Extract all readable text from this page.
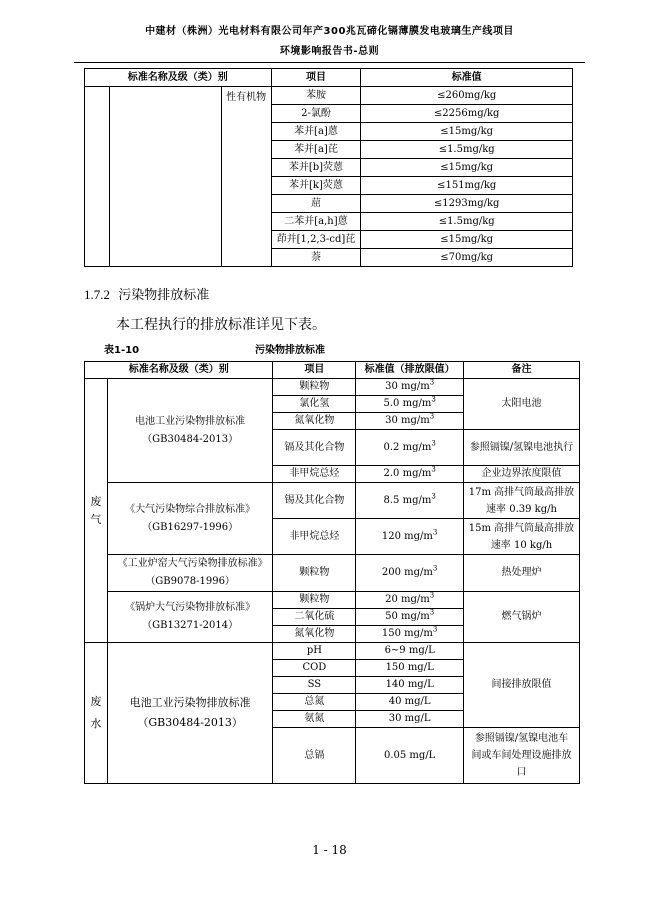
中建材（株洲）光电材料有限公司年产300兆瓦碲化镉薄膜发电玻璃生产线项目
环境影响报告书-总则
标准名称及级（类）别			项目	标准值
		性有机物	苯胺	≤260mg/kg
			2-氯酚	≤2256mg/kg
			苯并[a]蒽	≤15mg/kg
			苯并[a]芘	≤1.5mg/kg
			苯并[b]荧蒽	≤15mg/kg
			苯并[k]荧蒽	≤151mg/kg
			䓛	≤1293mg/kg
			二苯并[a,h]蒽	≤1.5mg/kg
			茚并[1,2,3-cd]芘	≤15mg/kg
			萘	≤70mg/kg
1.7.2 污染物排放标准
本工程执行的排放标准详见下表。
表1-10	污染物排放标准
标准名称及级（类）别		项目	标准值（排放限值）	备注
废气	电池工业污染物排放标准（GB30484-2013）	颗粒物	30 $mg/m^3$	太阳电池
		氯化氢	5.0 $mg/m^3$
		氮氧化物	30 $mg/m^3$
		镉及其化合物	0.2 $mg/m^3$	参照镉镍/氢镍电池执行
		非甲烷总烃	2.0 $mg/m^3$	企业边界浓度限值

	《大气污染物综合排放标准》（GB16297-1996）	锡及其化合物	8.5 $mg/m^3$	17m 高排气筒最高排放速率 0.39 kg/h
		非甲烷总烃	120 $mg/m^3$	15m 高排气筒最高排放速率 10 kg/h
	《工业炉窑大气污染物排放标准》（GB9078-1996）	颗粒物	200 $mg/m^3$	热处理炉
	《锅炉大气污染物排放标准》（GB13271-2014）	颗粒物	20 $mg/m^3$	燃气锅炉
		二氧化硫	50 $mg/m^3$
		氮氧化物	150 $mg/m^3$

废水	电池工业污染物排放标准（GB30484-2013）	pH	6~9 mg/L	间接排放限值
		COD	150 mg/L	
		SS	140 mg/L	
		总氮	40 mg/L	
		氨氮	30 mg/L	
		总镉	0.05 mg/L	参照镉镍/氢镍电池车间或车间处理设施排放口
1 - 18
